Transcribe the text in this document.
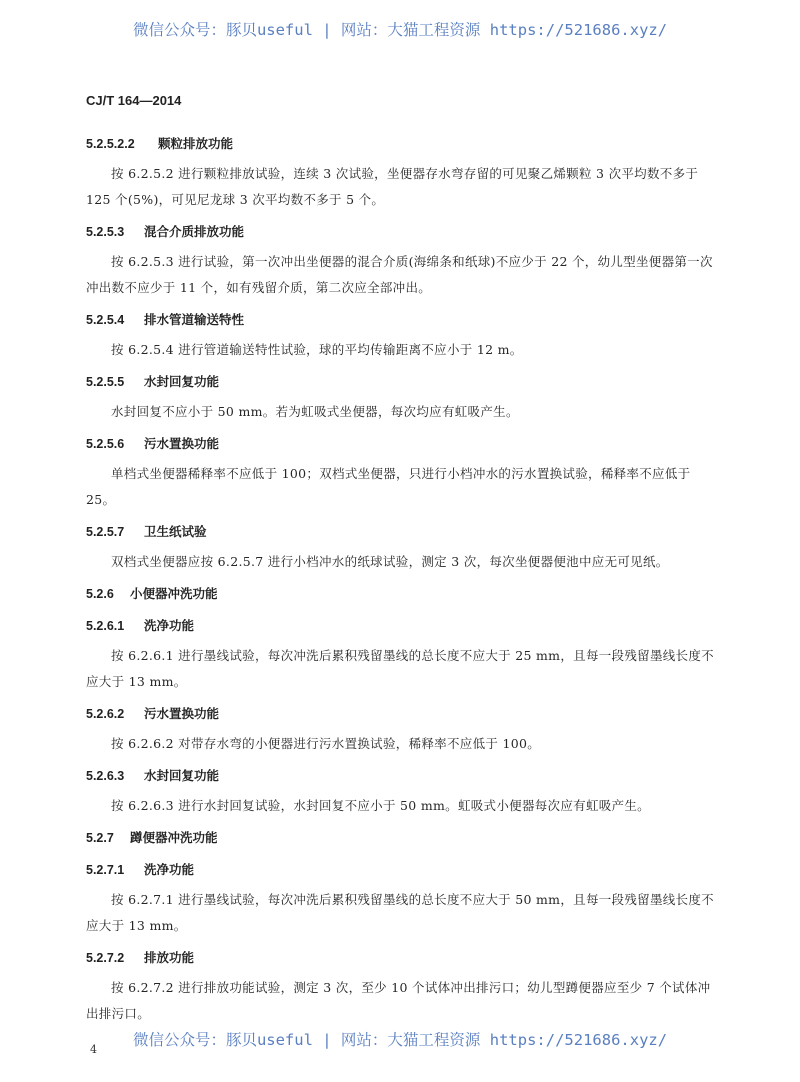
微信公众号：豚贝useful | 网站：大猫工程资源 https://521686.xyz/
CJ/T 164—2014
5.2.5.2.2 颗粒排放功能
按 6.2.5.2 进行颗粒排放试验，连续 3 次试验，坐便器存水弯存留的可见聚乙烯颗粒 3 次平均数不多于 125 个(5%)，可见尼龙球 3 次平均数不多于 5 个。
5.2.5.3 混合介质排放功能
按 6.2.5.3 进行试验，第一次冲出坐便器的混合介质(海绵条和纸球)不应少于 22 个，幼儿型坐便器第一次冲出数不应少于 11 个，如有残留介质，第二次应全部冲出。
5.2.5.4 排水管道输送特性
按 6.2.5.4 进行管道输送特性试验，球的平均传输距离不应小于 12 m。
5.2.5.5 水封回复功能
水封回复不应小于 50 mm。若为虹吸式坐便器，每次均应有虹吸产生。
5.2.5.6 污水置换功能
单档式坐便器稀释率不应低于 100；双档式坐便器，只进行小档冲水的污水置换试验，稀释率不应低于 25。
5.2.5.7 卫生纸试验
双档式坐便器应按 6.2.5.7 进行小档冲水的纸球试验，测定 3 次，每次坐便器便池中应无可见纸。
5.2.6 小便器冲洗功能
5.2.6.1 洗净功能
按 6.2.6.1 进行墨线试验，每次冲洗后累积残留墨线的总长度不应大于 25 mm，且每一段残留墨线长度不应大于 13 mm。
5.2.6.2 污水置换功能
按 6.2.6.2 对带存水弯的小便器进行污水置换试验，稀释率不应低于 100。
5.2.6.3 水封回复功能
按 6.2.6.3 进行水封回复试验，水封回复不应小于 50 mm。虹吸式小便器每次应有虹吸产生。
5.2.7 蹲便器冲洗功能
5.2.7.1 洗净功能
按 6.2.7.1 进行墨线试验，每次冲洗后累积残留墨线的总长度不应大于 50 mm，且每一段残留墨线长度不应大于 13 mm。
5.2.7.2 排放功能
按 6.2.7.2 进行排放功能试验，测定 3 次，至少 10 个试体冲出排污口；幼儿型蹲便器应至少 7 个试体冲出排污口。
微信公众号：豚贝useful | 网站：大猫工程资源 https://521686.xyz/
4
